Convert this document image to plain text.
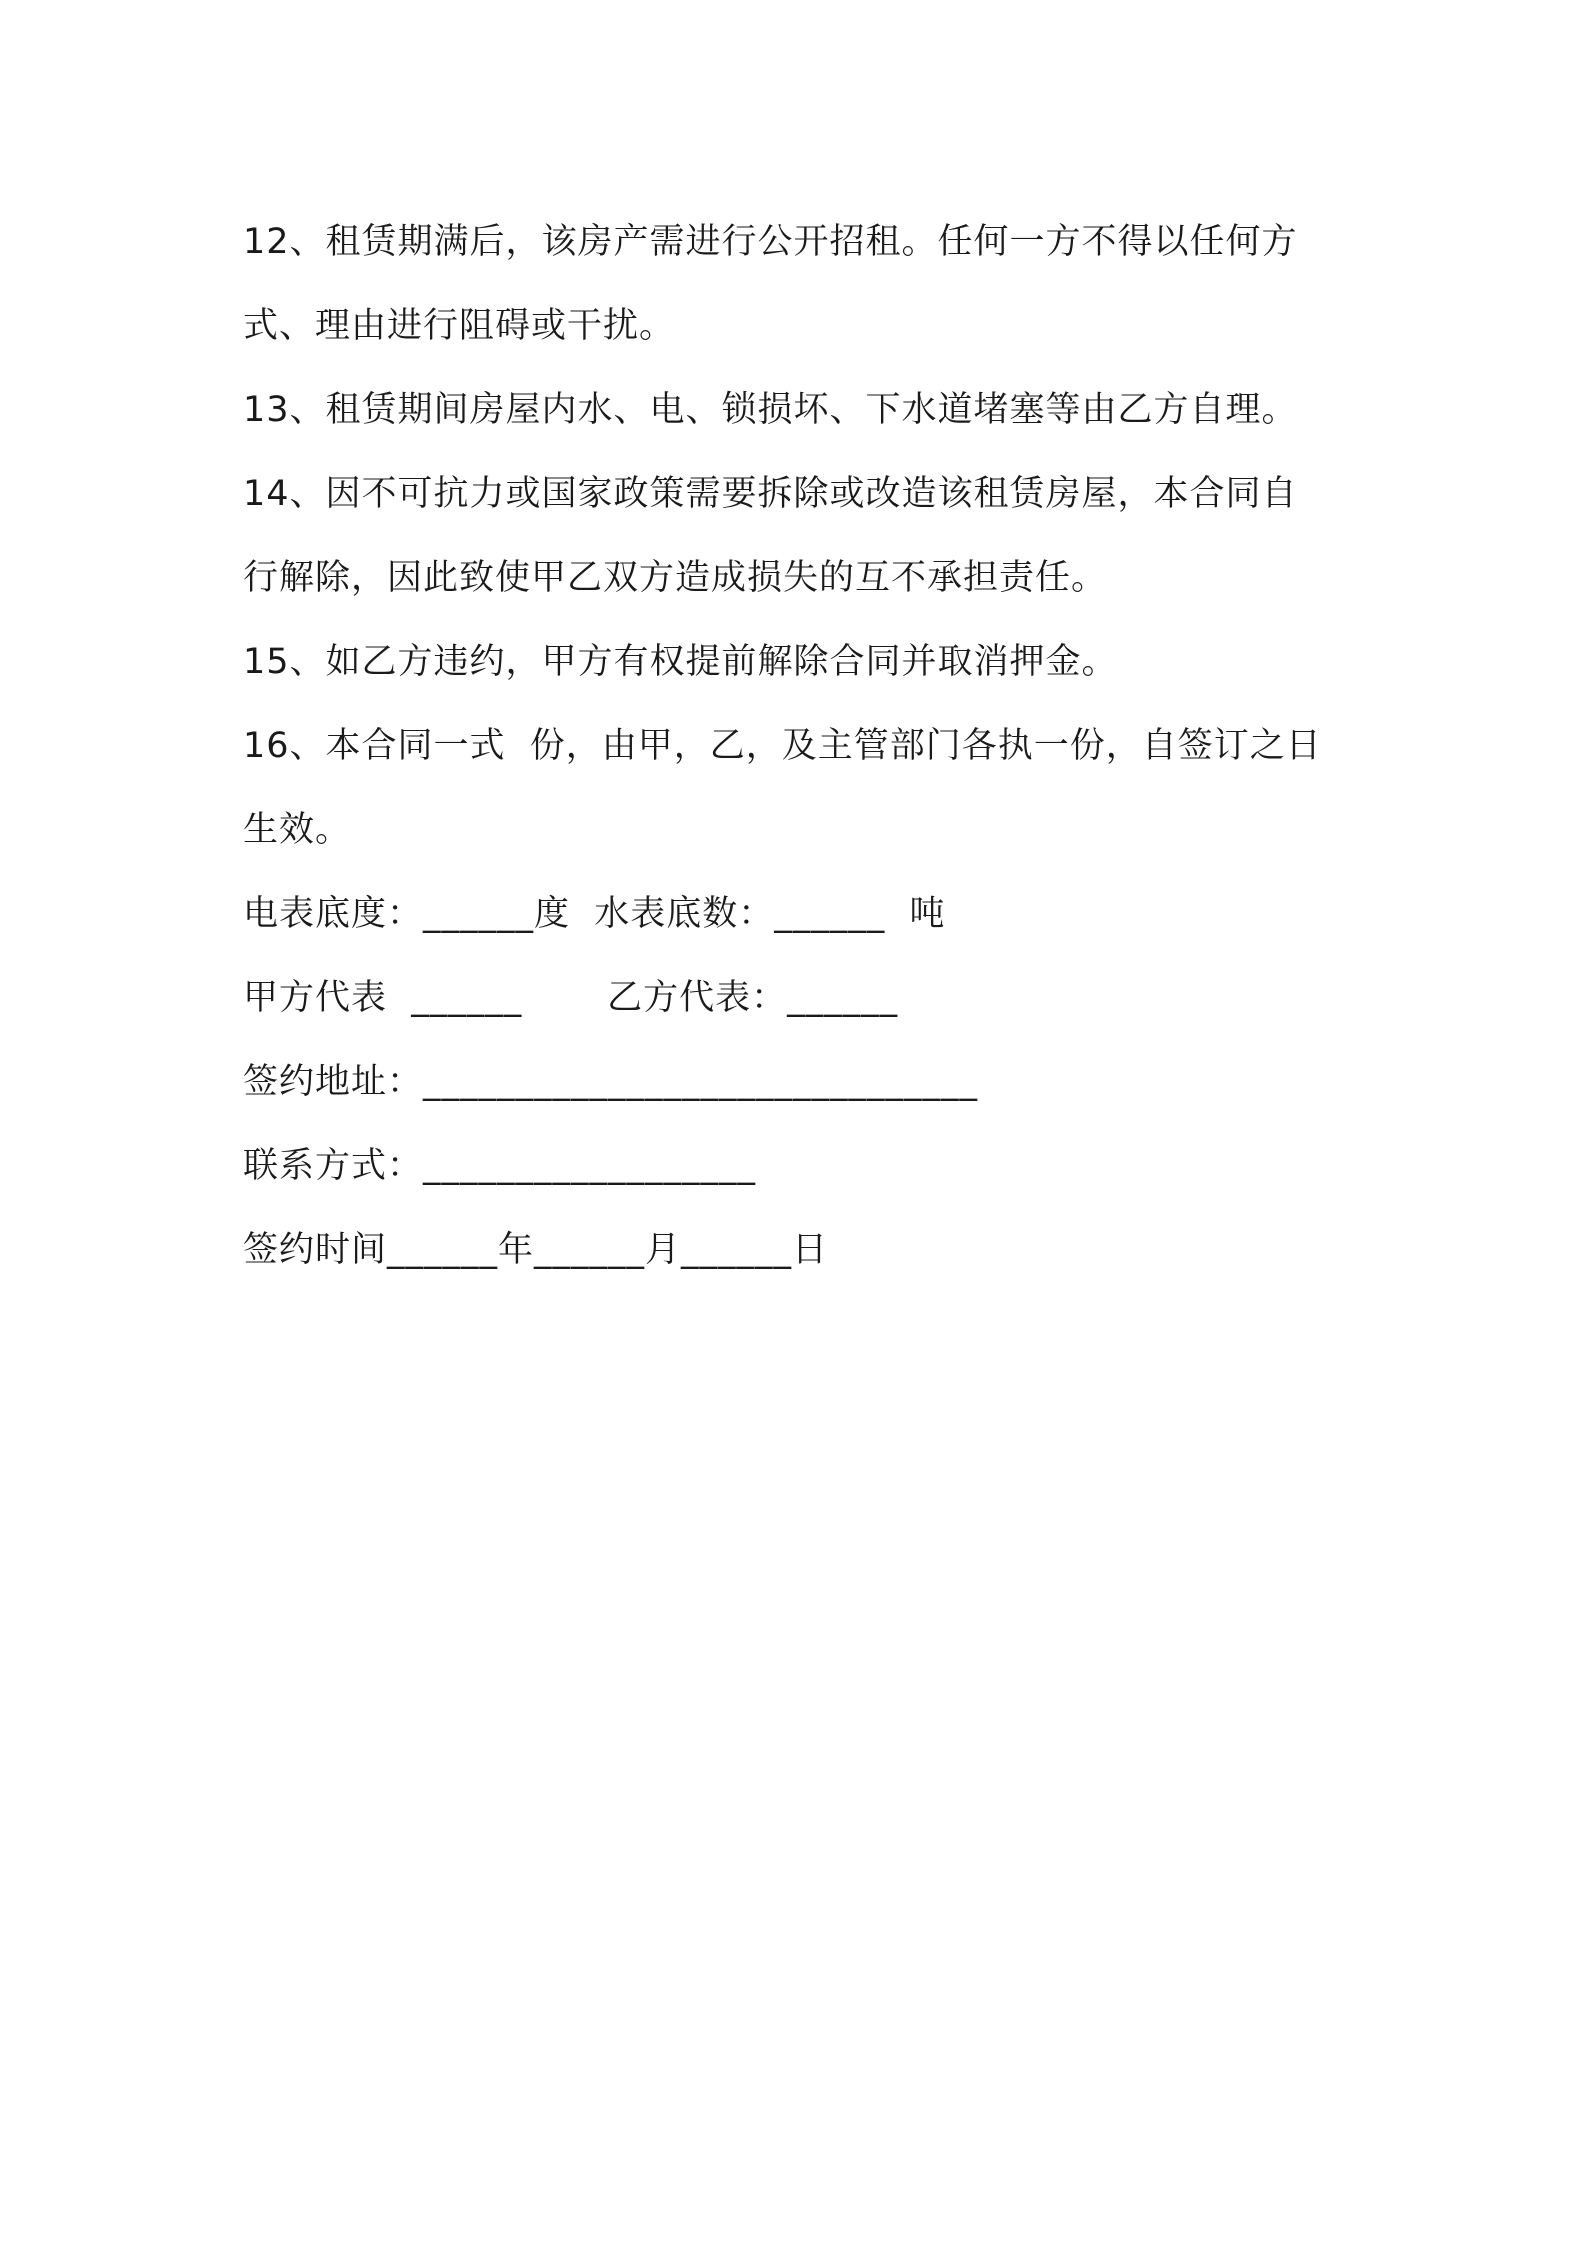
12、租赁期满后，该房产需进行公开招租。任何一方不得以任何方
式、理由进行阻碍或干扰。
13、租赁期间房屋内水、电、锁损坏、下水道堵塞等由乙方自理。
14、因不可抗力或国家政策需要拆除或改造该租赁房屋，本合同自
行解除，因此致使甲乙双方造成损失的互不承担责任。
15、如乙方违约，甲方有权提前解除合同并取消押金。
16、本合同一式  份，由甲，乙，及主管部门各执一份，自签订之日
生效。
电表底度：______度  水表底数：______  吨
甲方代表  ______       乙方代表：______
签约地址：______________________________
联系方式：__________________
签约时间______年______月______日
